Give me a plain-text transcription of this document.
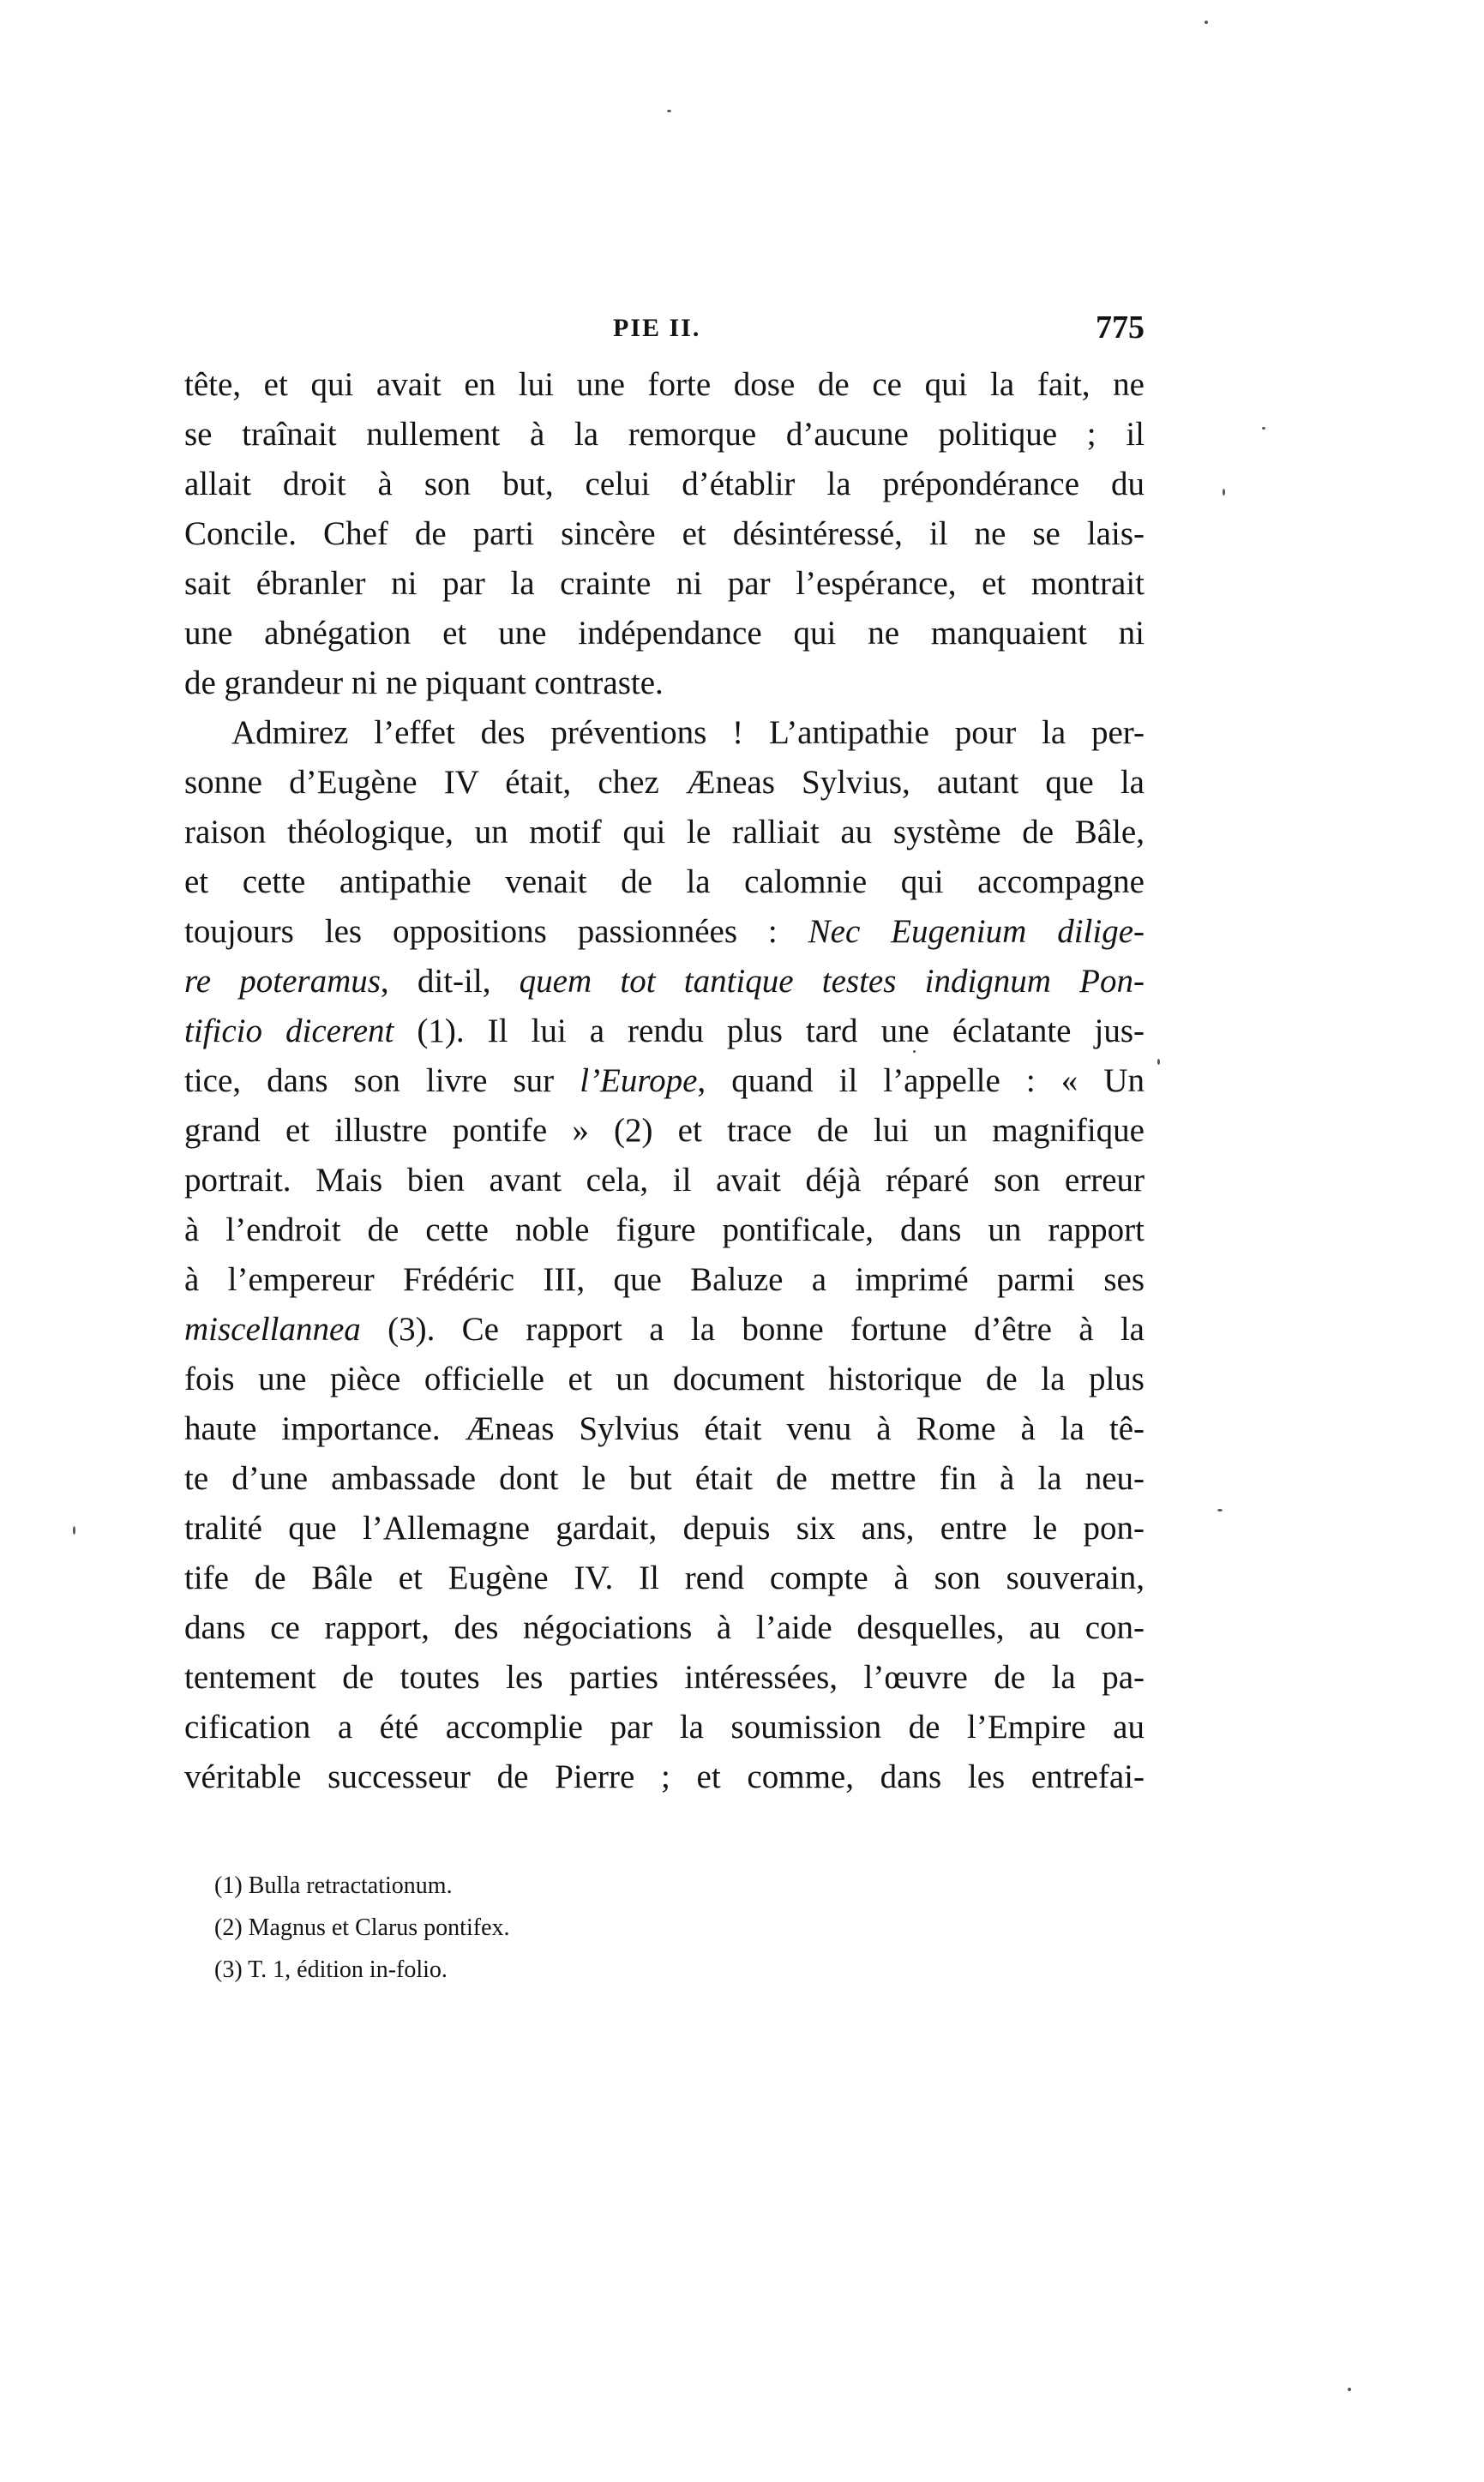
PIE II.	775
tête, et qui avait en lui une forte dose de ce qui la fait, ne
se traînait nullement à la remorque d’aucune politique ; il
allait droit à son but, celui d’établir la prépondérance du
Concile. Chef de parti sincère et désintéressé, il ne se lais-
sait ébranler ni par la crainte ni par l’espérance, et montrait
une abnégation et une indépendance qui ne manquaient ni
de grandeur ni ne piquant contraste.
Admirez l’effet des préventions ! L’antipathie pour la per-
sonne d’Eugène IV était, chez Æneas Sylvius, autant que la
raison théologique, un motif qui le ralliait au système de Bâle,
et cette antipathie venait de la calomnie qui accompagne
toujours les oppositions passionnées : Nec Eugenium dilige-
re poteramus, dit-il, quem tot tantique testes indignum Pon-
tificio dicerent (1). Il lui a rendu plus tard une éclatante jus-
tice, dans son livre sur l’Europe, quand il l’appelle : « Un
grand et illustre pontife » (2) et trace de lui un magnifique
portrait. Mais bien avant cela, il avait déjà réparé son erreur
à l’endroit de cette noble figure pontificale, dans un rapport
à l’empereur Frédéric III, que Baluze a imprimé parmi ses
miscellannea (3). Ce rapport a la bonne fortune d’être à la
fois une pièce officielle et un document historique de la plus
haute importance. Æneas Sylvius était venu à Rome à la tê-
te d’une ambassade dont le but était de mettre fin à la neu-
tralité que l’Allemagne gardait, depuis six ans, entre le pon-
tife de Bâle et Eugène IV. Il rend compte à son souverain,
dans ce rapport, des négociations à l’aide desquelles, au con-
tentement de toutes les parties intéressées, l’œuvre de la pa-
cification a été accomplie par la soumission de l’Empire au
véritable successeur de Pierre ; et comme, dans les entrefai-
(1) Bulla retractationum.
(2) Magnus et Clarus pontifex.
(3) T. 1, édition in-folio.
